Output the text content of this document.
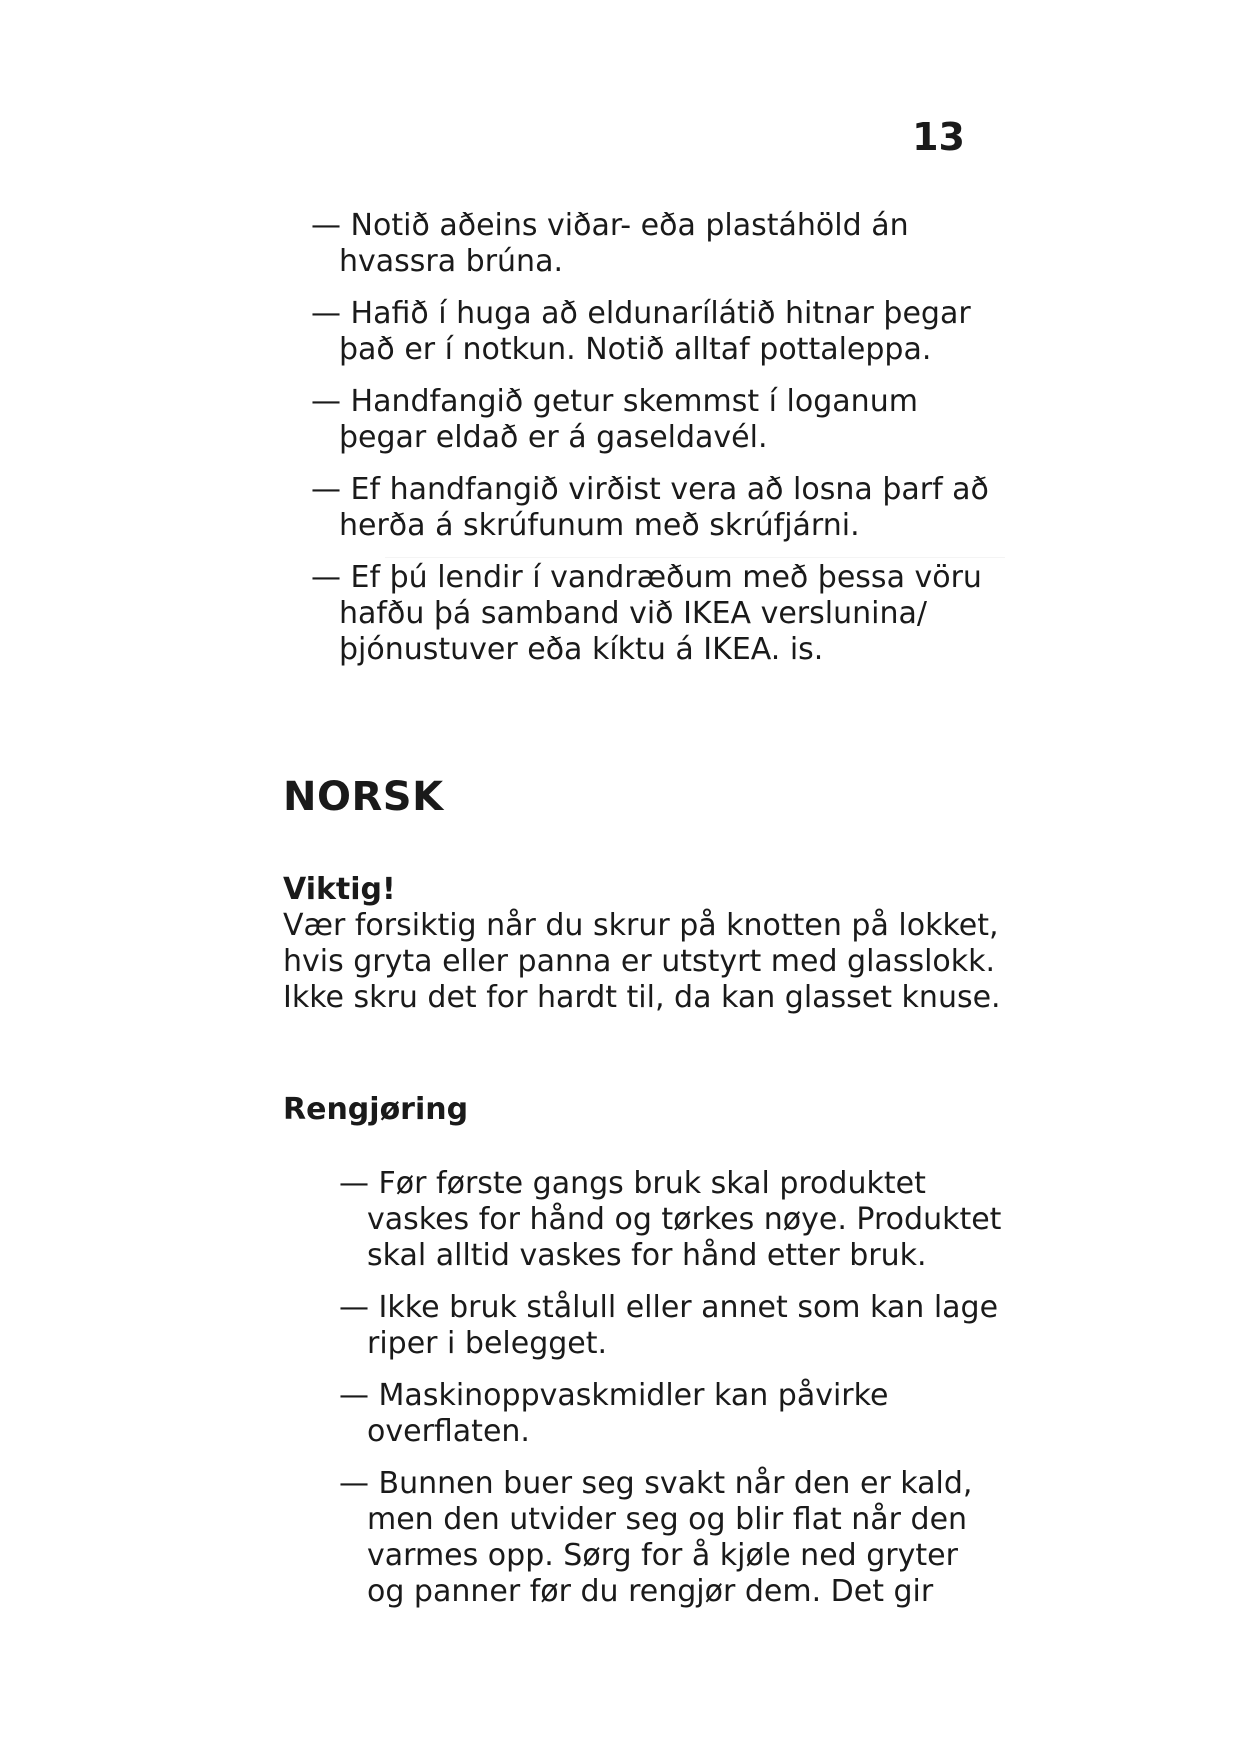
13
— Notið aðeins viðar- eða plastáhöld án hvassra brúna.
— Hafið í huga að eldunarílátið hitnar þegar það er í notkun. Notið alltaf pottaleppa.
— Handfangið getur skemmst í loganum þegar eldað er á gaseldavél.
— Ef handfangið virðist vera að losna þarf að herða á skrúfunum með skrúfjárni.
— Ef þú lendir í vandræðum með þessa vöru hafðu þá samband við IKEA verslunina/þjónustuver eða kíktu á IKEA. is.
NORSK

Viktig!

Vær forsiktig når du skrur på knotten på lokket, hvis gryta eller panna er utstyrt med glasslokk. Ikke skru det for hardt til, da kan glasset knuse.

Rengjøring

— Før første gangs bruk skal produktet vaskes for hånd og tørkes nøye. Produktet skal alltid vaskes for hånd etter bruk.
— Ikke bruk stålull eller annet som kan lage riper i belegget.
— Maskinoppvaskmidler kan påvirke overflaten.
— Bunnen buer seg svakt når den er kald, men den utvider seg og blir flat når den varmes opp. Sørg for å kjøle ned gryter og panner før du rengjør dem. Det gir
